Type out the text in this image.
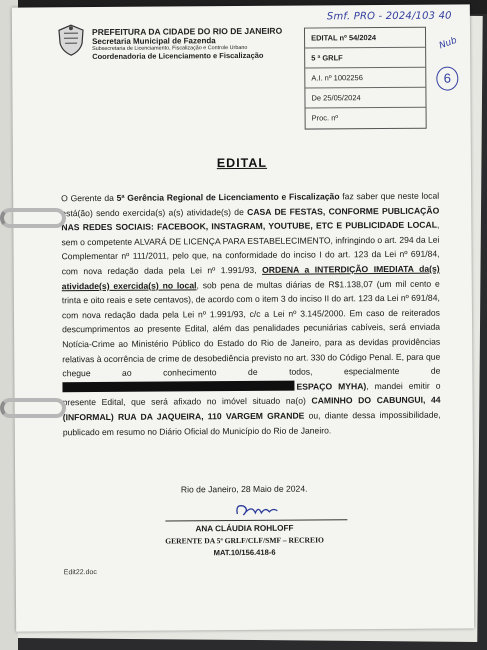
PREFEITURA DA CIDADE DO RIO DE JANEIRO
Secretaria Municipal de Fazenda
Subsecretaria de Licenciamento, Fiscalização e Controle Urbano
Coordenadoria de Licenciamento e Fiscalização
Smf. PRO - 2024/103 40
Nub
6
EDITAL nº 54/2024
5 ª GRLF
A.I. nº 1002256
De 25/05/2024
Proc. nº
EDITAL
O Gerente da 5ª Gerência Regional de Licenciamento e Fiscalização faz saber que neste local está(ão) sendo exercida(s) a(s) atividade(s) de CASA DE FESTAS, CONFORME PUBLICAÇÃO NAS REDES SOCIAIS: FACEBOOK, INSTAGRAM, YOUTUBE, ETC E PUBLICIDADE LOCAL, sem o competente ALVARÁ DE LICENÇA PARA ESTABELECIMENTO, infringindo o art. 294 da Lei Complementar nº 111/2011, pelo que, na conformidade do inciso I do art. 123 da Lei nº 691/84, com nova redação dada pela Lei nº 1.991/93, ORDENA a INTERDIÇÃO IMEDIATA da(s) atividade(s) exercida(s) no local, sob pena de multas diárias de R$1.138,07 (um mil cento e trinta e oito reais e sete centavos), de acordo com o item 3 do inciso II do art. 123 da Lei nº 691/84, com nova redação dada pela Lei nº 1.991/93, c/c a Lei nº 3.145/2000. Em caso de reiterados descumprimentos ao presente Edital, além das penalidades pecuniárias cabíveis, será enviada Notícia-Crime ao Ministério Público do Estado do Rio de Janeiro, para as devidas providências relativas à ocorrência de crime de desobediência previsto no art. 330 do Código Penal. E, para que chegue ao conhecimento de todos, especialmente de ESPAÇO MYHA), mandei emitir o presente Edital, que será afixado no imóvel situado na(o) CAMINHO DO CABUNGUI, 44 (INFORMAL) RUA DA JAQUEIRA, 110 VARGEM GRANDE ou, diante dessa impossibilidade, publicado em resumo no Diário Oficial do Município do Rio de Janeiro.
Rio de Janeiro, 28 Maio de 2024.
ANA CLÁUDIA ROHLOFF
GERENTE DA 5ª GRLF/CLF/SMF – RECREIO
MAT.10/156.418-6
Edit22.doc
